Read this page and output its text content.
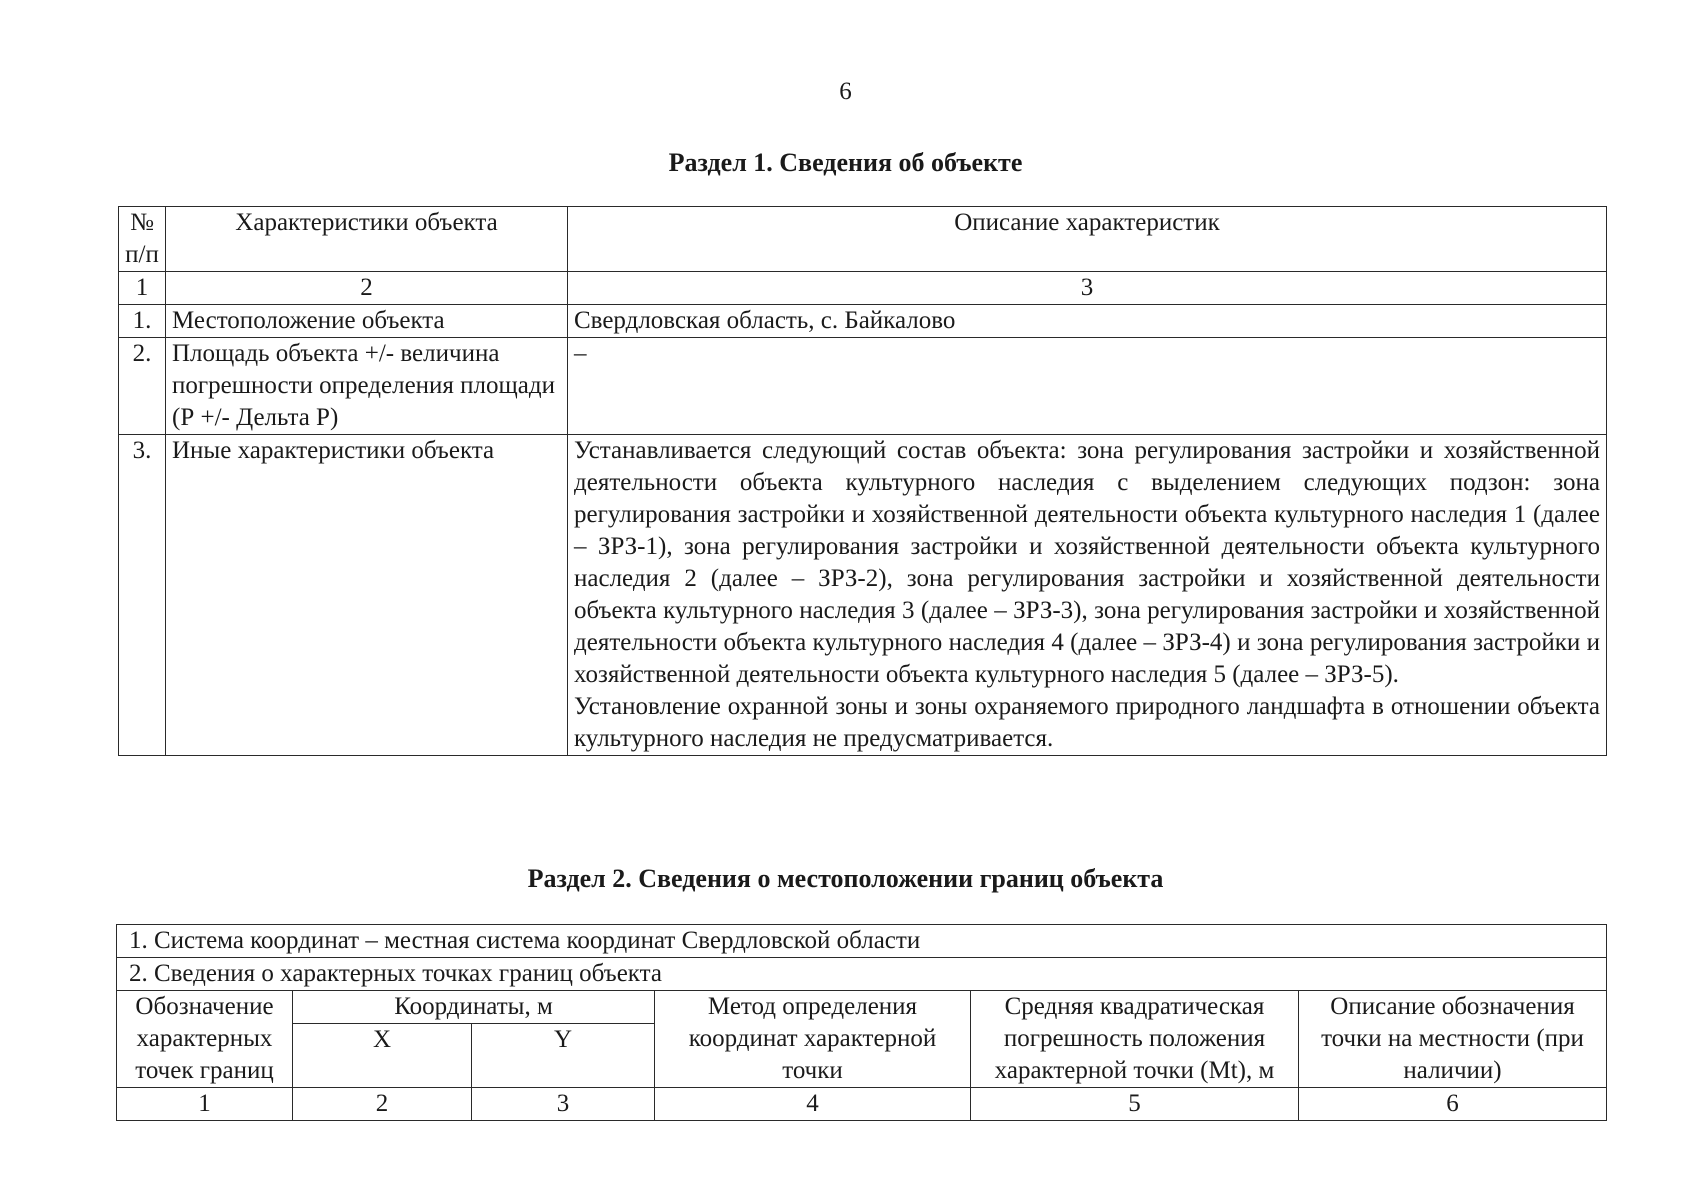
6
Раздел 1. Сведения об объекте
№ п/п	Характеристики объекта	Описание характеристик
1	2	3
1.	Местоположение объекта	Свердловская область, с. Байкалово
2.	Площадь объекта +/- величина погрешности определения площади (Р +/- Дельта Р)	–
3.	Иные характеристики объекта	Устанавливается следующий состав объекта: зона регулирования застройки и хозяйственной деятельности объекта культурного наследия с выделением следующих подзон: зона регулирования застройки и хозяйственной деятельности объекта культурного наследия 1 (далее – ЗРЗ-1), зона регулирования застройки и хозяйственной деятельности объекта культурного наследия 2 (далее – ЗРЗ-2), зона регулирования застройки и хозяйственной деятельности объекта культурного наследия 3 (далее – ЗРЗ-3), зона регулирования застройки и хозяйственной деятельности объекта культурного наследия 4 (далее – ЗРЗ-4) и зона регулирования застройки и хозяйственной деятельности объекта культурного наследия 5 (далее – ЗРЗ-5).
Установление охранной зоны и зоны охраняемого природного ландшафта в отношении объекта культурного наследия не предусматривается.
Раздел 2. Сведения о местоположении границ объекта
1. Система координат – местная система координат Свердловской области					
2. Сведения о характерных точках границ объекта					
Обозначение характерных точек границ	Координаты, м		Метод определения координат характерной точки	Средняя квадратическая погрешность положения характерной точки (Mt), м	Описание обозначения точки на местности (при наличии)
	X	Y			
1	2	3	4	5	6
